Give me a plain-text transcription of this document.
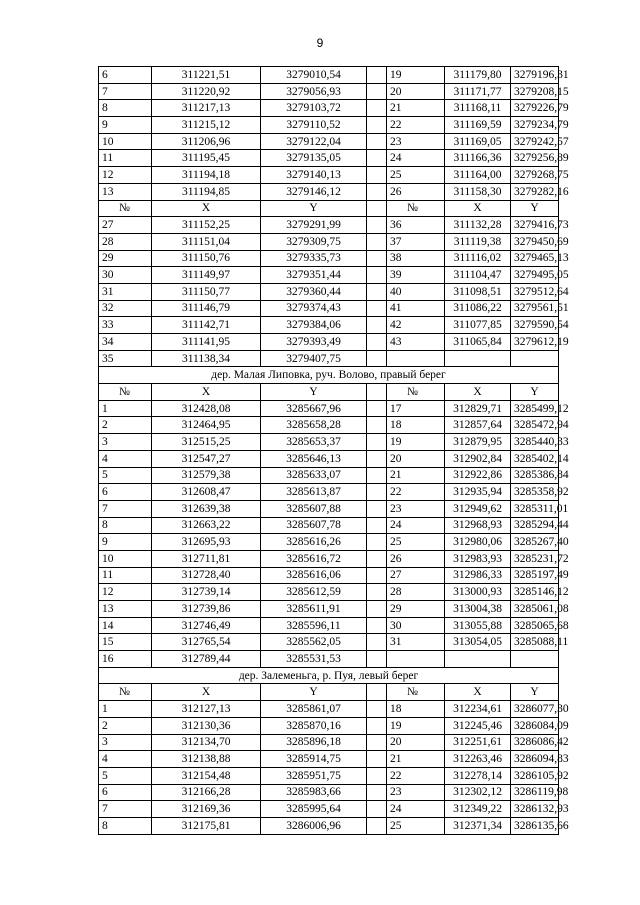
9
6	311221,51	3279010,54		19	311179,80	3279196,31
7	311220,92	3279056,93		20	311171,77	3279208,15
8	311217,13	3279103,72		21	311168,11	3279226,79
9	311215,12	3279110,52		22	311169,59	3279234,79
10	311206,96	3279122,04		23	311169,05	3279242,57
11	311195,45	3279135,05		24	311166,36	3279256,89
12	311194,18	3279140,13		25	311164,00	3279268,75
13	311194,85	3279146,12		26	311158,30	3279282,16
№	X	Y		№	X	Y
27	311152,25	3279291,99		36	311132,28	3279416,73
28	311151,04	3279309,75		37	311119,38	3279450,69
29	311150,76	3279335,73		38	311116,02	3279465,13
30	311149,97	3279351,44		39	311104,47	3279495,05
31	311150,77	3279360,44		40	311098,51	3279512,64
32	311146,79	3279374,43		41	311086,22	3279561,51
33	311142,71	3279384,06		42	311077,85	3279590,54
34	311141,95	3279393,49		43	311065,84	3279612,19
35	311138,34	3279407,75				
дер. Малая Липовка, руч. Волово, правый берег						
№	X	Y		№	X	Y
1	312428,08	3285667,96		17	312829,71	3285499,12
2	312464,95	3285658,28		18	312857,64	3285472,94
3	312515,25	3285653,37		19	312879,95	3285440,33
4	312547,27	3285646,13		20	312902,84	3285402,14
5	312579,38	3285633,07		21	312922,86	3285386,84
6	312608,47	3285613,87		22	312935,94	3285358,92
7	312639,38	3285607,88		23	312949,62	3285311,01
8	312663,22	3285607,78		24	312968,93	3285294,44
9	312695,93	3285616,26		25	312980,06	3285267,40
10	312711,81	3285616,72		26	312983,93	3285231,72
11	312728,40	3285616,06		27	312986,33	3285197,49
12	312739,14	3285612,59		28	313000,93	3285146,12
13	312739,86	3285611,91		29	313004,38	3285061,08
14	312746,49	3285596,11		30	313055,88	3285065,68
15	312765,54	3285562,05		31	313054,05	3285088,11
16	312789,44	3285531,53				
дер. Залеменьга, р. Пуя, левый берег						
№	X	Y		№	X	Y
1	312127,13	3285861,07		18	312234,61	3286077,30
2	312130,36	3285870,16		19	312245,46	3286084,09
3	312134,70	3285896,18		20	312251,61	3286086,42
4	312138,88	3285914,75		21	312263,46	3286094,83
5	312154,48	3285951,75		22	312278,14	3286105,92
6	312166,28	3285983,66		23	312302,12	3286119,98
7	312169,36	3285995,64		24	312349,22	3286132,93
8	312175,81	3286006,96		25	312371,34	3286135,66
